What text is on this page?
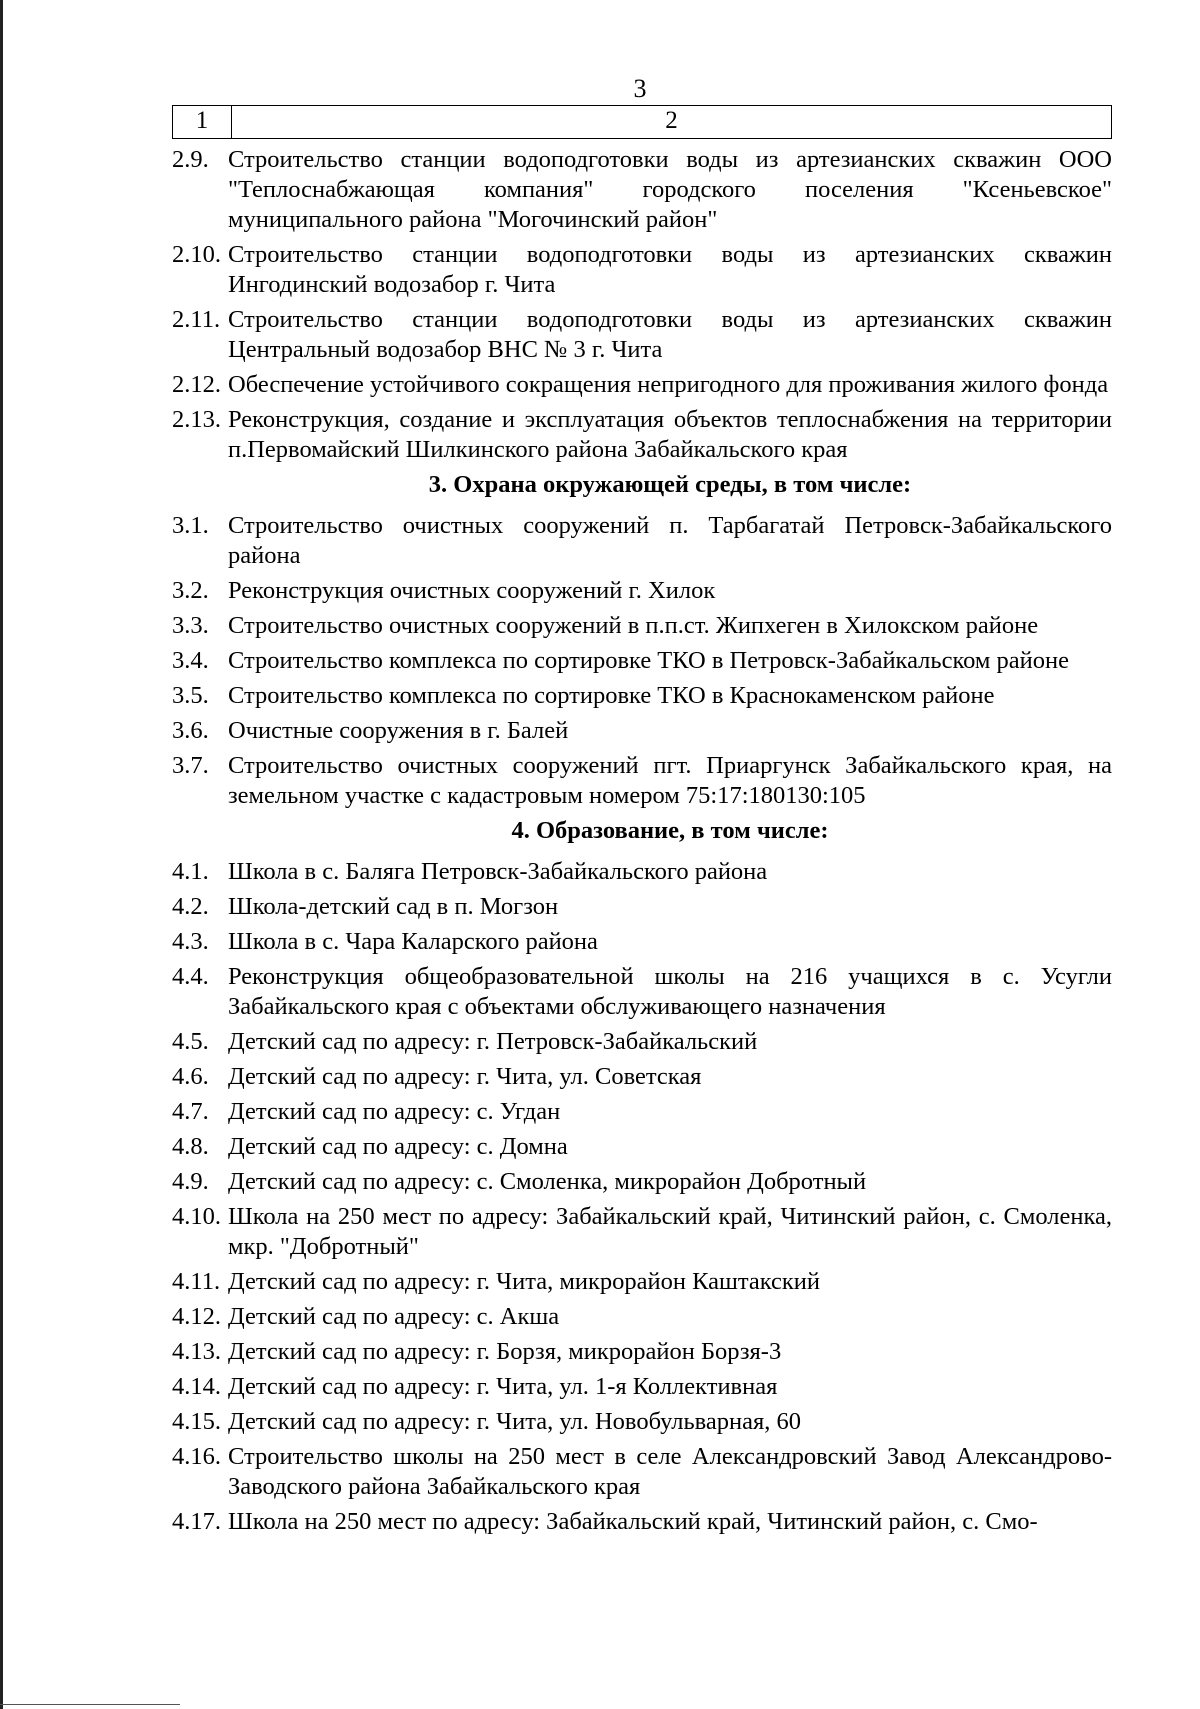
3
1	2
2.9. Строительство станции водоподготовки воды из артезианских скважин ООО "Теплоснабжающая компания" городского поселения "Ксеньевское" муниципального района "Могочинский район"
2.10. Строительство станции водоподготовки воды из артезианских скважин Ингодинский водозабор г. Чита
2.11. Строительство станции водоподготовки воды из артезианских скважин Центральный водозабор ВНС № 3 г. Чита
2.12. Обеспечение устойчивого сокращения непригодного для проживания жилого фонда
2.13. Реконструкция, создание и эксплуатация объектов теплоснабжения на территории п.Первомайский Шилкинского района Забайкальского края
3. Охрана окружающей среды, в том числе:
3.1. Строительство очистных сооружений п. Тарбагатай Петровск-Забайкальского района
3.2. Реконструкция очистных сооружений г. Хилок
3.3. Строительство очистных сооружений в п.п.ст. Жипхеген в Хилокском районе
3.4. Строительство комплекса по сортировке ТКО в Петровск-Забайкальском районе
3.5. Строительство комплекса по сортировке ТКО в Краснокаменском районе
3.6. Очистные сооружения в г. Балей
3.7. Строительство очистных сооружений пгт. Приаргунск Забайкальского края, на земельном участке с кадастровым номером 75:17:180130:105
4. Образование, в том числе:
4.1. Школа в с. Баляга Петровск-Забайкальского района
4.2. Школа-детский сад в п. Могзон
4.3. Школа в с. Чара Каларского района
4.4. Реконструкция общеобразовательной школы на 216 учащихся в с. Усугли Забайкальского края с объектами обслуживающего назначения
4.5. Детский сад по адресу: г. Петровск-Забайкальский
4.6. Детский сад по адресу: г. Чита, ул. Советская
4.7. Детский сад по адресу: с. Угдан
4.8. Детский сад по адресу: с. Домна
4.9. Детский сад по адресу: с. Смоленка, микрорайон Добротный
4.10. Школа на 250 мест по адресу: Забайкальский край, Читинский район, с. Смоленка, мкр. "Добротный"
4.11. Детский сад по адресу: г. Чита, микрорайон Каштакский
4.12. Детский сад по адресу: с. Акша
4.13. Детский сад по адресу: г. Борзя, микрорайон Борзя-3
4.14. Детский сад по адресу: г. Чита, ул. 1-я Коллективная
4.15. Детский сад по адресу: г. Чита, ул. Новобульварная, 60
4.16. Строительство школы на 250 мест в селе Александровский Завод Александрово-Заводского района Забайкальского края
4.17. Школа на 250 мест по адресу: Забайкальский край, Читинский район, с. Смо-
